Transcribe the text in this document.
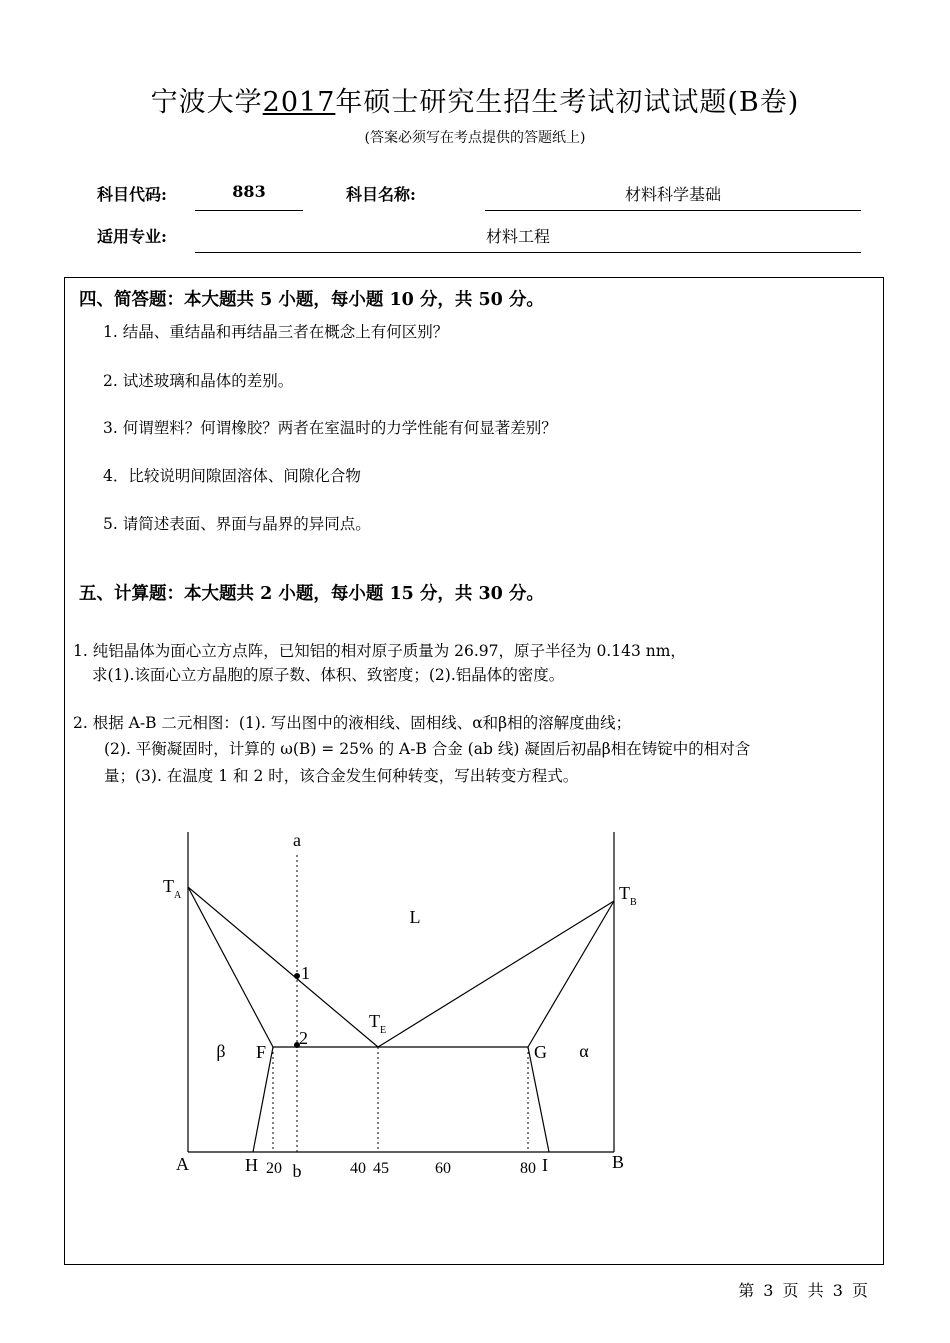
宁波大学2017年硕士研究生招生考试初试试题(B卷)
(答案必须写在考点提供的答题纸上)
科目代码:	883	科目名称:	材料科学基础
适用专业:	材料工程
四、简答题：本大题共 5 小题，每小题 10 分，共 50 分。
1. 结晶、重结晶和再结晶三者在概念上有何区别？
2. 试述玻璃和晶体的差别。
3. 何谓塑料？何谓橡胶？两者在室温时的力学性能有何显著差别？
4．比较说明间隙固溶体、间隙化合物
5. 请简述表面、界面与晶界的异同点。
五、计算题：本大题共 2 小题，每小题 15 分，共 30 分。
1. 纯铝晶体为面心立方点阵，已知铝的相对原子质量为 26.97，原子半径为 0.143 nm，
求(1).该面心立方晶胞的原子数、体积、致密度；(2).铝晶体的密度。
2. 根据 A-B 二元相图：(1). 写出图中的液相线、固相线、α和β相的溶解度曲线；
(2). 平衡凝固时，计算的 ω(B) = 25% 的 A-B 合金 (ab 线) 凝固后初晶β相在铸锭中的相对含
量；(3). 在温度 1 和 2 时，该合金发生何种转变，写出转变方程式。
a
b
$T_A$	$T_B$
$T_E$
L
β	α
F	G
1
2
A	B
H	I
20	40 45	60	80
第 3 页 共 3 页
